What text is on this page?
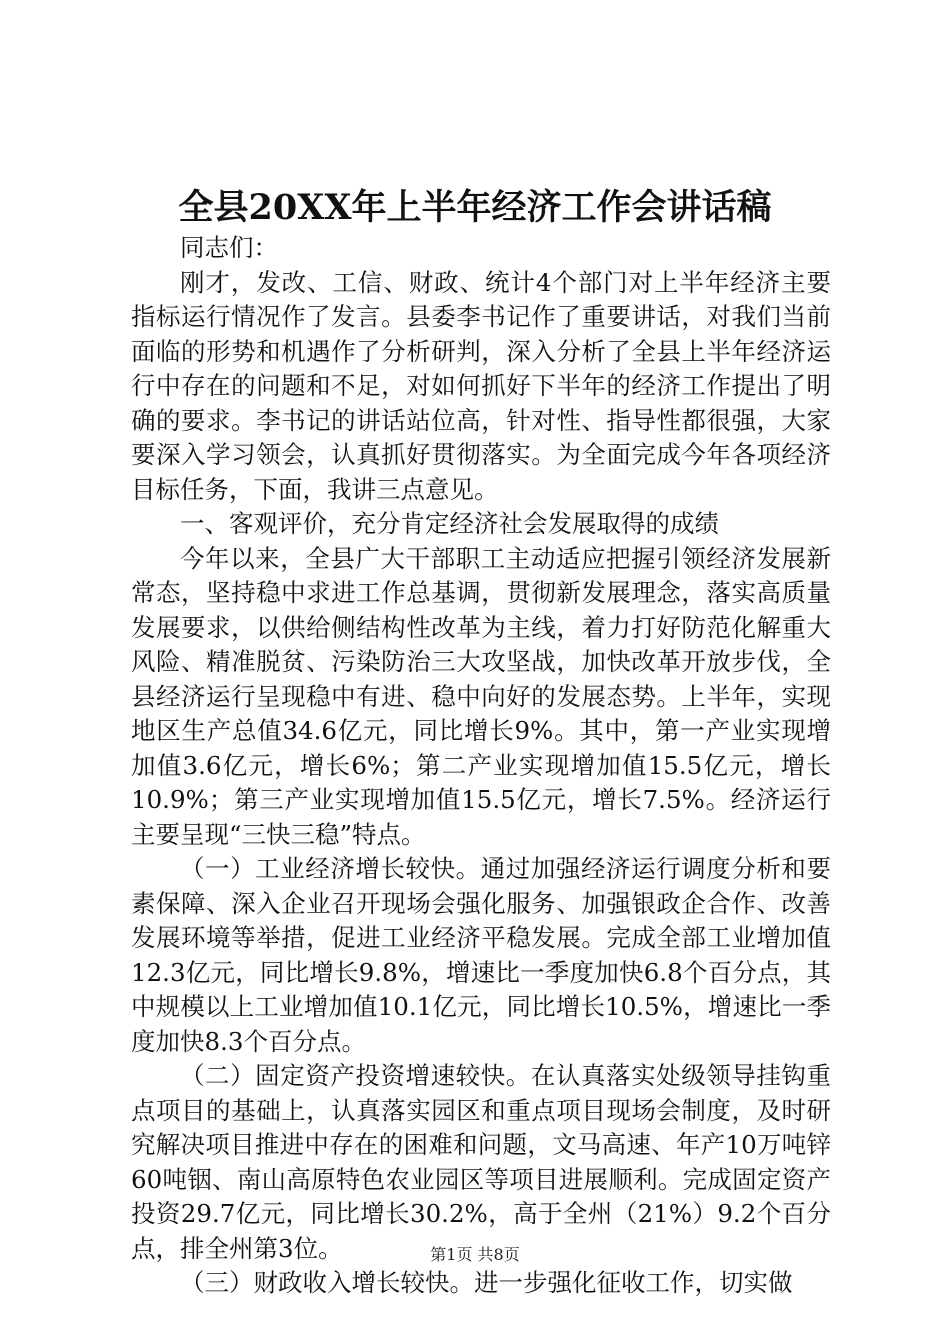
全县20XX年上半年经济工作会讲话稿

同志们：

刚才，发改、工信、财政、统计4个部门对上半年经济主要指标运行情况作了发言。县委李书记作了重要讲话，对我们当前面临的形势和机遇作了分析研判，深入分析了全县上半年经济运行中存在的问题和不足，对如何抓好下半年的经济工作提出了明确的要求。李书记的讲话站位高，针对性、指导性都很强，大家要深入学习领会，认真抓好贯彻落实。为全面完成今年各项经济目标任务，下面，我讲三点意见。

一、客观评价，充分肯定经济社会发展取得的成绩

今年以来，全县广大干部职工主动适应把握引领经济发展新常态，坚持稳中求进工作总基调，贯彻新发展理念，落实高质量发展要求，以供给侧结构性改革为主线，着力打好防范化解重大风险、精准脱贫、污染防治三大攻坚战，加快改革开放步伐，全县经济运行呈现稳中有进、稳中向好的发展态势。上半年，实现地区生产总值34.6亿元，同比增长9%。其中，第一产业实现增加值3.6亿元，增长6%；第二产业实现增加值15.5亿元，增长10.9%；第三产业实现增加值15.5亿元，增长7.5%。经济运行主要呈现“三快三稳”特点。

（一）工业经济增长较快。通过加强经济运行调度分析和要素保障、深入企业召开现场会强化服务、加强银政企合作、改善发展环境等举措，促进工业经济平稳发展。完成全部工业增加值12.3亿元，同比增长9.8%，增速比一季度加快6.8个百分点，其中规模以上工业增加值10.1亿元，同比增长10.5%，增速比一季度加快8.3个百分点。

（二）固定资产投资增速较快。在认真落实处级领导挂钩重点项目的基础上，认真落实园区和重点项目现场会制度，及时研究解决项目推进中存在的困难和问题，文马高速、年产10万吨锌60吨铟、南山高原特色农业园区等项目进展顺利。完成固定资产投资29.7亿元，同比增长30.2%，高于全州（21%）9.2个百分点，排全州第3位。

（三）财政收入增长较快。进一步强化征收工作，切实做

第1页 共8页
